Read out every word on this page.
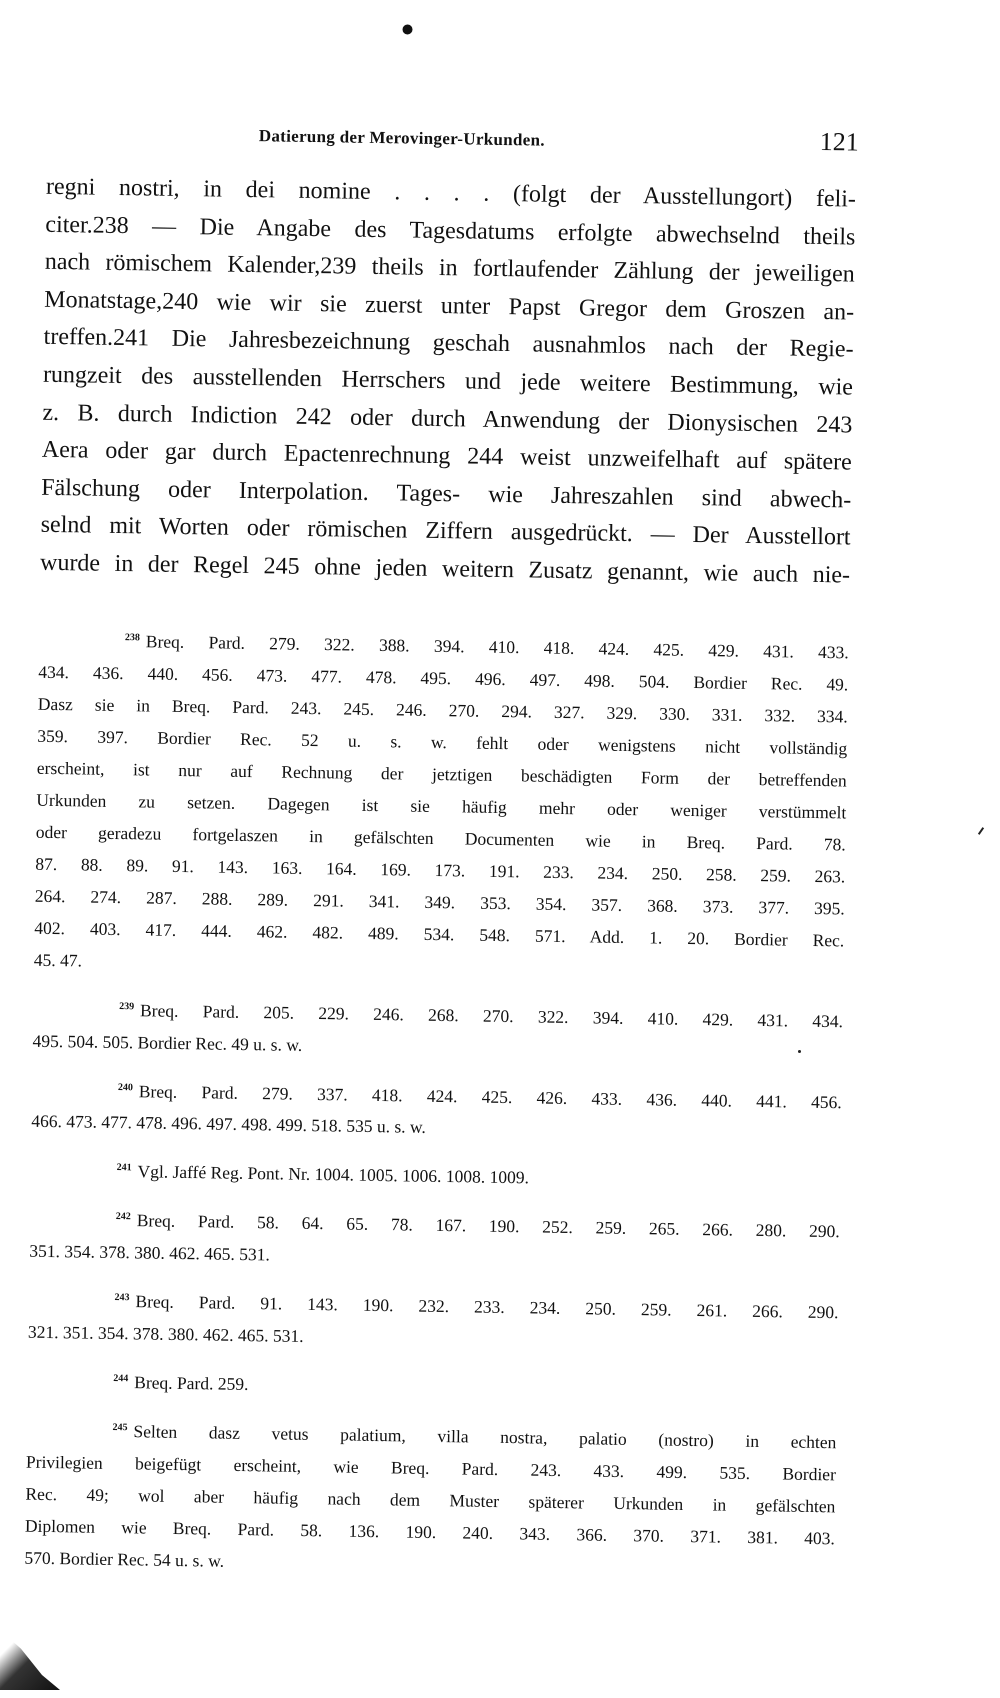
Datierung der Merovinger-Urkunden.	121
regni nostri, in dei nomine . . . . (folgt der Ausstellungort) feli-
citer.238 — Die Angabe des Tagesdatums erfolgte abwechselnd theils
nach römischem Kalender,239 theils in fortlaufender Zählung der jeweiligen
Monatstage,240 wie wir sie zuerst unter Papst Gregor dem Groszen an-
treffen.241 Die Jahresbezeichnung geschah ausnahmlos nach der Regie-
rungzeit des ausstellenden Herrschers und jede weitere Bestimmung, wie
z. B. durch Indiction 242 oder durch Anwendung der Dionysischen 243
Aera oder gar durch Epactenrechnung 244 weist unzweifelhaft auf spätere
Fälschung oder Interpolation. Tages- wie Jahreszahlen sind abwech-
selnd mit Worten oder römischen Ziffern ausgedrückt. — Der Ausstellort
wurde in der Regel 245 ohne jeden weitern Zusatz genannt, wie auch nie-
$^{238}$ Breq. Pard. 279. 322. 388. 394. 410. 418. 424. 425. 429. 431. 433.
434. 436. 440. 456. 473. 477. 478. 495. 496. 497. 498. 504. Bordier Rec. 49.
Dasz sie in Breq. Pard. 243. 245. 246. 270. 294. 327. 329. 330. 331. 332. 334.
359. 397. Bordier Rec. 52 u. s. w. fehlt oder wenigstens nicht vollständig
erscheint, ist nur auf Rechnung der jetztigen beschädigten Form der betreffenden
Urkunden zu setzen. Dagegen ist sie häufig mehr oder weniger verstümmelt
oder geradezu fortgelaszen in gefälschten Documenten wie in Breq. Pard. 78.
87. 88. 89. 91. 143. 163. 164. 169. 173. 191. 233. 234. 250. 258. 259. 263.
264. 274. 287. 288. 289. 291. 341. 349. 353. 354. 357. 368. 373. 377. 395.
402. 403. 417. 444. 462. 482. 489. 534. 548. 571. Add. 1. 20. Bordier Rec.
45. 47.
$^{239}$ Breq. Pard. 205. 229. 246. 268. 270. 322. 394. 410. 429. 431. 434.
495. 504. 505. Bordier Rec. 49 u. s. w.
$^{240}$ Breq. Pard. 279. 337. 418. 424. 425. 426. 433. 436. 440. 441. 456.
466. 473. 477. 478. 496. 497. 498. 499. 518. 535 u. s. w.
$^{241}$ Vgl. Jaffé Reg. Pont. Nr. 1004. 1005. 1006. 1008. 1009.
$^{242}$ Breq. Pard. 58. 64. 65. 78. 167. 190. 252. 259. 265. 266. 280. 290.
351. 354. 378. 380. 462. 465. 531.
$^{243}$ Breq. Pard. 91. 143. 190. 232. 233. 234. 250. 259. 261. 266. 290.
321. 351. 354. 378. 380. 462. 465. 531.
$^{244}$ Breq. Pard. 259.
$^{245}$ Selten dasz vetus palatium, villa nostra, palatio (nostro) in echten
Privilegien beigefügt erscheint, wie Breq. Pard. 243. 433. 499. 535. Bordier
Rec. 49; wol aber häufig nach dem Muster späterer Urkunden in gefälschten
Diplomen wie Breq. Pard. 58. 136. 190. 240. 343. 366. 370. 371. 381. 403.
570. Bordier Rec. 54 u. s. w.
